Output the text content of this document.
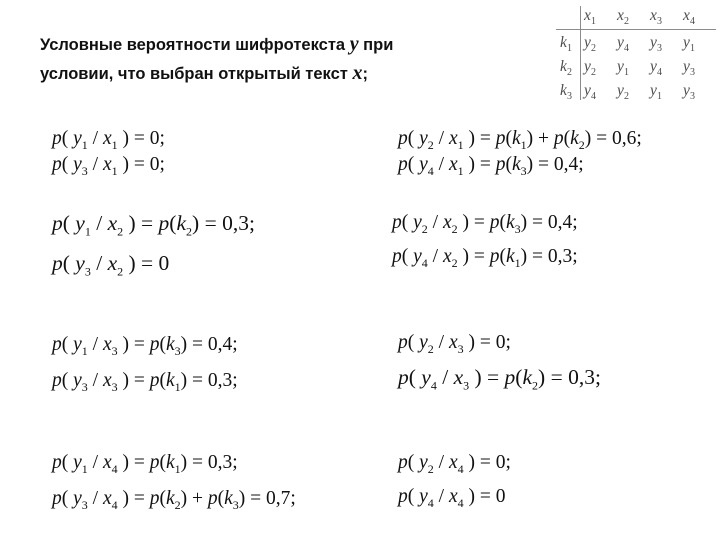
Условные вероятности шифротекста y при
условии, что выбран открытый текст x;
$x_1$	$x_2$	$x_3$	$x_4$
$k_1$ $y_2$	$y_4$	$y_3$	$y_1$
$k_2$ $y_2$	$y_1$	$y_4$	$y_3$
$k_3$ $y_4$	$y_2$	$y_1$	$y_3$
p( $y_1 / x_1$ ) = 0;
p( $y_3 / x_1$ ) = 0;
p( $y_2 / x_1$ ) = $p(k_1) + p(k_2) = 0,6$;
p( $y_4 / x_1$ ) = $p(k_3) = 0,4$;
p( $y_1 / x_2$ ) = $p(k_2) = 0,3$;
p( $y_3 / x_2$ ) = 0
p( $y_2 / x_2$ ) = $p(k_3) = 0,4$;
p( $y_4 / x_2$ ) = $p(k_1) = 0,3$;
p( $y_1 / x_3$ ) = $p(k_3) = 0,4$;
p( $y_3 / x_3$ ) = $p(k_1) = 0,3$;
p( $y_2 / x_3$ ) = 0;
p( $y_4 / x_3$ ) = $p(k_2) = 0,3$;
p( $y_1 / x_4$ ) = $p(k_1) = 0,3$;
p( $y_3 / x_4$ ) = $p(k_2) + p(k_3) = 0,7$;
p( $y_2 / x_4$ ) = 0;
p( $y_4 / x_4$ ) = 0
